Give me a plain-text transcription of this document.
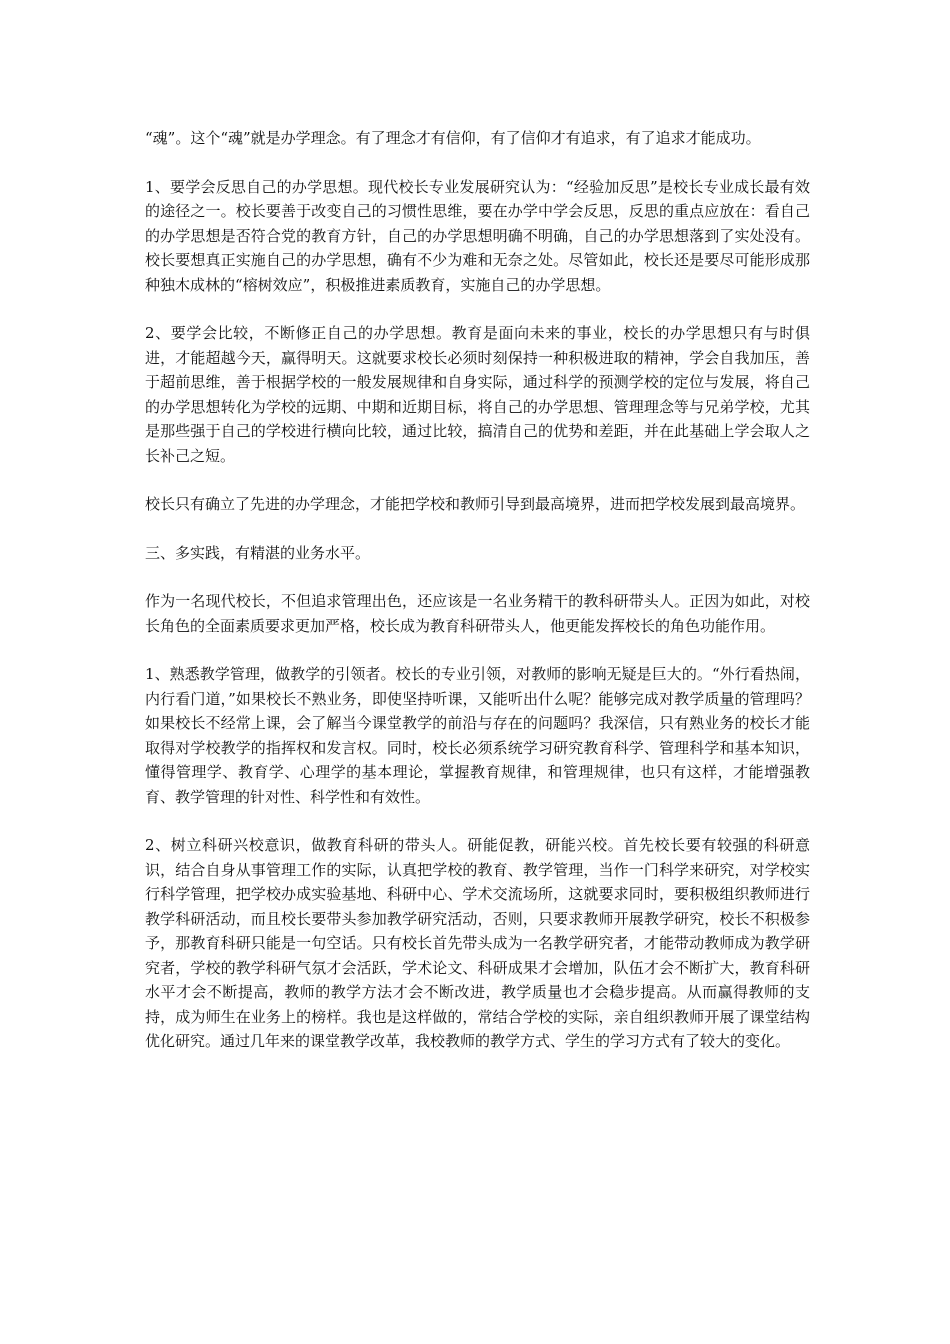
“魂”。这个“魂”就是办学理念。有了理念才有信仰，有了信仰才有追求，有了追求才能成功。

1、要学会反思自己的办学思想。现代校长专业发展研究认为：“经验加反思”是校长专业成长最有效的途径之一。校长要善于改变自己的习惯性思维，要在办学中学会反思，反思的重点应放在：看自己的办学思想是否符合党的教育方针，自己的办学思想明确不明确，自己的办学思想落到了实处没有。校长要想真正实施自己的办学思想，确有不少为难和无奈之处。尽管如此，校长还是要尽可能形成那种独木成林的“榕树效应”，积极推进素质教育，实施自己的办学思想。

2、要学会比较，不断修正自己的办学思想。教育是面向未来的事业，校长的办学思想只有与时俱进，才能超越今天，赢得明天。这就要求校长必须时刻保持一种积极进取的精神，学会自我加压，善于超前思维，善于根据学校的一般发展规律和自身实际，通过科学的预测学校的定位与发展，将自己的办学思想转化为学校的远期、中期和近期目标，将自己的办学思想、管理理念等与兄弟学校，尤其是那些强于自己的学校进行横向比较，通过比较，搞清自己的优势和差距，并在此基础上学会取人之长补己之短。

校长只有确立了先进的办学理念，才能把学校和教师引导到最高境界，进而把学校发展到最高境界。

三、多实践，有精湛的业务水平。

作为一名现代校长，不但追求管理出色，还应该是一名业务精干的教科研带头人。正因为如此，对校长角色的全面素质要求更加严格，校长成为教育科研带头人，他更能发挥校长的角色功能作用。

1、熟悉教学管理，做教学的引领者。校长的专业引领，对教师的影响无疑是巨大的。“外行看热闹，内行看门道，”如果校长不熟业务，即使坚持听课，又能听出什么呢？能够完成对教学质量的管理吗？如果校长不经常上课，会了解当今课堂教学的前沿与存在的问题吗？我深信，只有熟业务的校长才能取得对学校教学的指挥权和发言权。同时，校长必须系统学习研究教育科学、管理科学和基本知识，懂得管理学、教育学、心理学的基本理论，掌握教育规律，和管理规律，也只有这样，才能增强教育、教学管理的针对性、科学性和有效性。

2、树立科研兴校意识，做教育科研的带头人。研能促教，研能兴校。首先校长要有较强的科研意识，结合自身从事管理工作的实际，认真把学校的教育、教学管理，当作一门科学来研究，对学校实行科学管理，把学校办成实验基地、科研中心、学术交流场所，这就要求同时，要积极组织教师进行教学科研活动，而且校长要带头参加教学研究活动，否则，只要求教师开展教学研究，校长不积极参予，那教育科研只能是一句空话。只有校长首先带头成为一名教学研究者，才能带动教师成为教学研究者，学校的教学科研气氛才会活跃，学术论文、科研成果才会增加，队伍才会不断扩大，教育科研水平才会不断提高，教师的教学方法才会不断改进，教学质量也才会稳步提高。从而赢得教师的支持，成为师生在业务上的榜样。我也是这样做的，常结合学校的实际，亲自组织教师开展了课堂结构优化研究。通过几年来的课堂教学改革，我校教师的教学方式、学生的学习方式有了较大的变化。
